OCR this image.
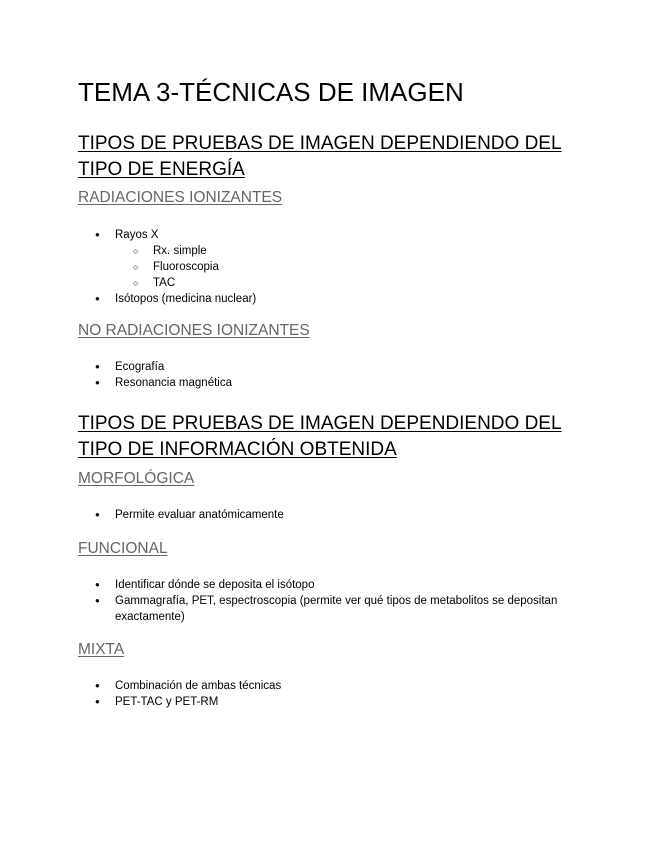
TEMA 3-TÉCNICAS DE IMAGEN
TIPOS DE PRUEBAS DE IMAGEN DEPENDIENDO DEL TIPO DE ENERGÍA
RADIACIONES IONIZANTES
● Rayos X
○ Rx. simple
○ Fluoroscopia
○ TAC
● Isótopos (medicina nuclear)
NO RADIACIONES IONIZANTES
● Ecografía
● Resonancia magnética
TIPOS DE PRUEBAS DE IMAGEN DEPENDIENDO DEL TIPO DE INFORMACIÓN OBTENIDA
MORFOLÓGICA
● Permite evaluar anatómicamente
FUNCIONAL
● Identificar dónde se deposita el isótopo
● Gammagrafía, PET, espectroscopia (permite ver qué tipos de metabolitos se depositan exactamente)
MIXTA
● Combinación de ambas técnicas
● PET-TAC y PET-RM
